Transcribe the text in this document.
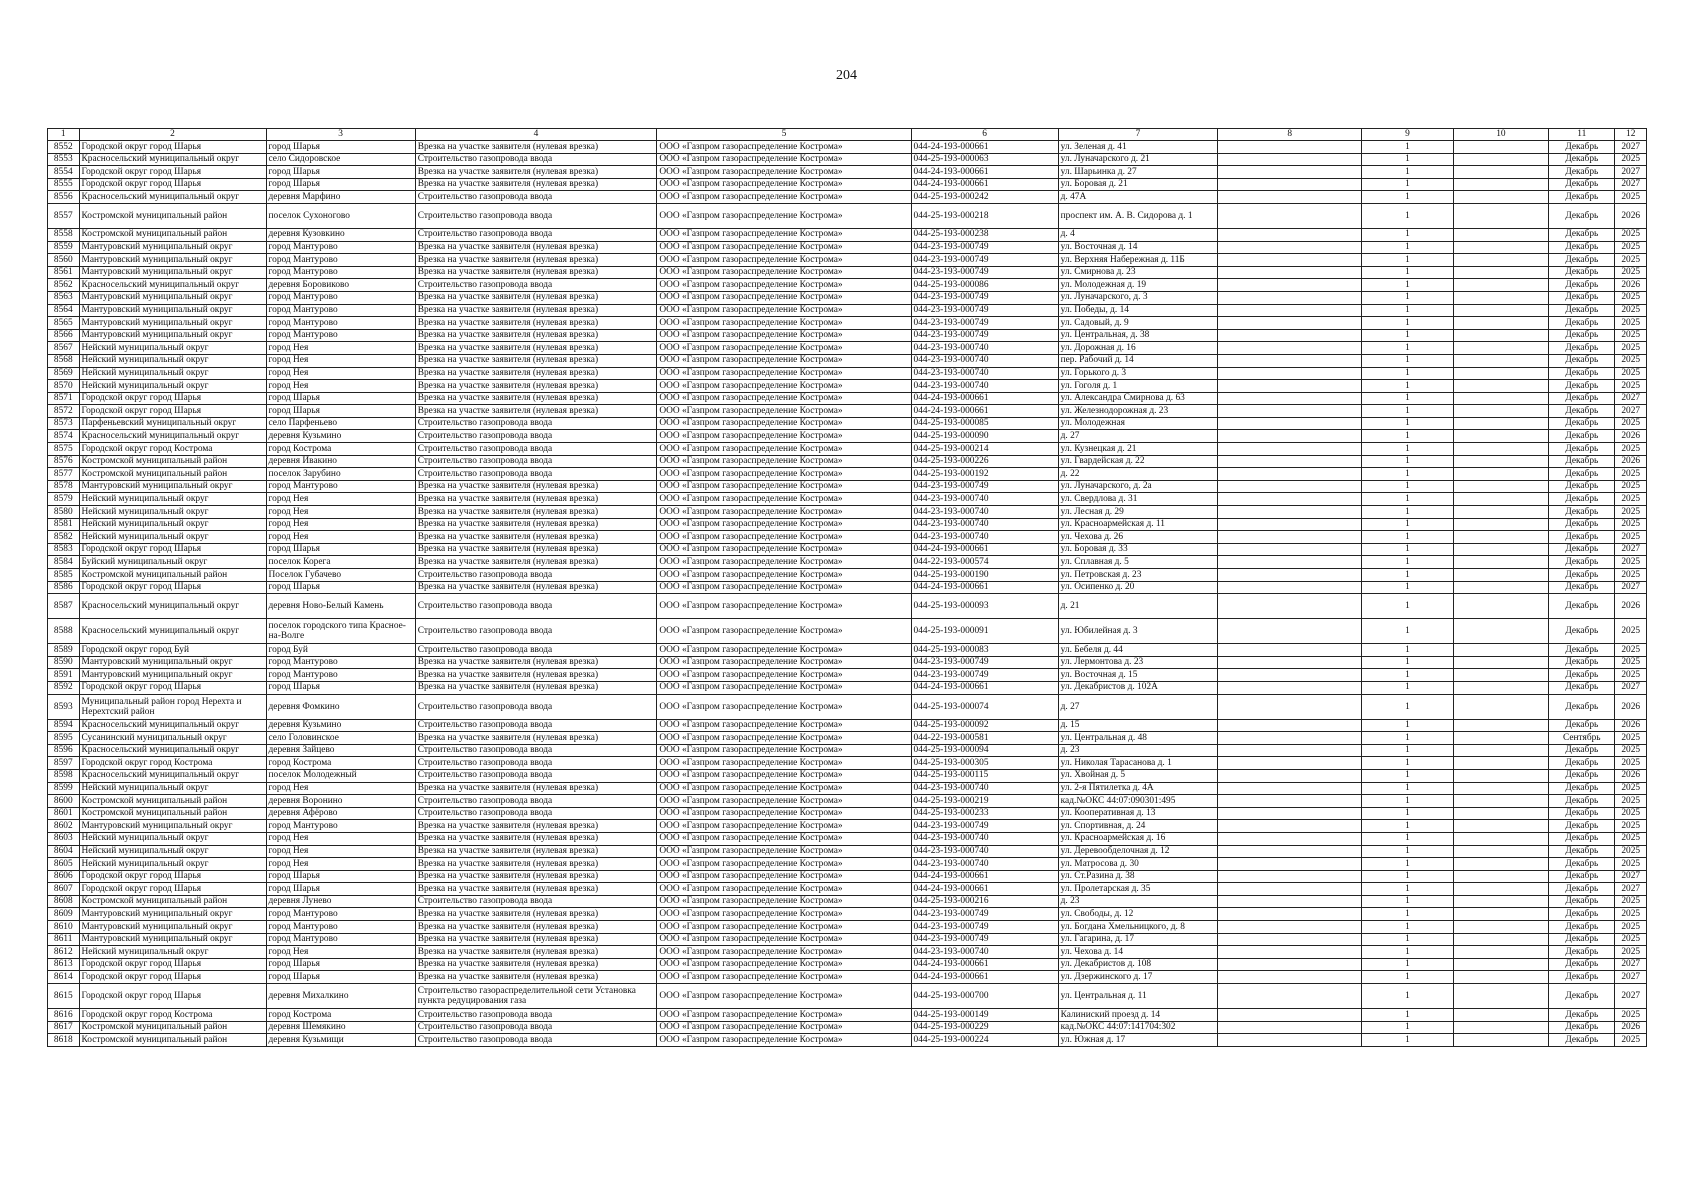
204
1	2	3	4	5	6	7	8	9	10	11	12
8552	Городской округ город Шарья	город Шарья	Врезка на участке заявителя (нулевая врезка)	ООО «Газпром газораспределение Кострома»	044-24-193-000661	ул. Зеленая д. 41		1		Декабрь	2027
8553	Красносельский муниципальный округ	село Сидоровское	Строительство газопровода ввода	ООО «Газпром газораспределение Кострома»	044-25-193-000063	ул. Луначарского д. 21		1		Декабрь	2025
8554	Городской округ город Шарья	город Шарья	Врезка на участке заявителя (нулевая врезка)	ООО «Газпром газораспределение Кострома»	044-24-193-000661	ул. Шарьинка д. 27		1		Декабрь	2027
8555	Городской округ город Шарья	город Шарья	Врезка на участке заявителя (нулевая врезка)	ООО «Газпром газораспределение Кострома»	044-24-193-000661	ул. Боровая д. 21		1		Декабрь	2027
8556	Красносельский муниципальный округ	деревня Марфино	Строительство газопровода ввода	ООО «Газпром газораспределение Кострома»	044-25-193-000242	д. 47А		1		Декабрь	2025
8557	Костромской муниципальный район	поселок Сухоногово	Строительство газопровода ввода	ООО «Газпром газораспределение Кострома»	044-25-193-000218	проспект им. А. В. Сидорова д. 1		1		Декабрь	2026
8558	Костромской муниципальный район	деревня Кузовкино	Строительство газопровода ввода	ООО «Газпром газораспределение Кострома»	044-25-193-000238	д. 4		1		Декабрь	2025
8559	Мантуровский муниципальный округ	город Мантурово	Врезка на участке заявителя (нулевая врезка)	ООО «Газпром газораспределение Кострома»	044-23-193-000749	ул. Восточная д. 14		1		Декабрь	2025
8560	Мантуровский муниципальный округ	город Мантурово	Врезка на участке заявителя (нулевая врезка)	ООО «Газпром газораспределение Кострома»	044-23-193-000749	ул. Верхняя Набережная д. 11Б		1		Декабрь	2025
8561	Мантуровский муниципальный округ	город Мантурово	Врезка на участке заявителя (нулевая врезка)	ООО «Газпром газораспределение Кострома»	044-23-193-000749	ул. Смирнова д. 23		1		Декабрь	2025
8562	Красносельский муниципальный округ	деревня Боровиково	Строительство газопровода ввода	ООО «Газпром газораспределение Кострома»	044-25-193-000086	ул. Молодежная д. 19		1		Декабрь	2026
8563	Мантуровский муниципальный округ	город Мантурово	Врезка на участке заявителя (нулевая врезка)	ООО «Газпром газораспределение Кострома»	044-23-193-000749	ул. Луначарского, д. 3		1		Декабрь	2025
8564	Мантуровский муниципальный округ	город Мантурово	Врезка на участке заявителя (нулевая врезка)	ООО «Газпром газораспределение Кострома»	044-23-193-000749	ул. Победы, д. 14		1		Декабрь	2025
8565	Мантуровский муниципальный округ	город Мантурово	Врезка на участке заявителя (нулевая врезка)	ООО «Газпром газораспределение Кострома»	044-23-193-000749	ул. Садовый, д. 9		1		Декабрь	2025
8566	Мантуровский муниципальный округ	город Мантурово	Врезка на участке заявителя (нулевая врезка)	ООО «Газпром газораспределение Кострома»	044-23-193-000749	ул. Центральная, д. 38		1		Декабрь	2025
8567	Нейский муниципальный округ	город Нея	Врезка на участке заявителя (нулевая врезка)	ООО «Газпром газораспределение Кострома»	044-23-193-000740	ул. Дорожная д. 16		1		Декабрь	2025
8568	Нейский муниципальный округ	город Нея	Врезка на участке заявителя (нулевая врезка)	ООО «Газпром газораспределение Кострома»	044-23-193-000740	пер. Рабочий д. 14		1		Декабрь	2025
8569	Нейский муниципальный округ	город Нея	Врезка на участке заявителя (нулевая врезка)	ООО «Газпром газораспределение Кострома»	044-23-193-000740	ул. Горького д. 3		1		Декабрь	2025
8570	Нейский муниципальный округ	город Нея	Врезка на участке заявителя (нулевая врезка)	ООО «Газпром газораспределение Кострома»	044-23-193-000740	ул. Гоголя д. 1		1		Декабрь	2025
8571	Городской округ город Шарья	город Шарья	Врезка на участке заявителя (нулевая врезка)	ООО «Газпром газораспределение Кострома»	044-24-193-000661	ул. Александра Смирнова д. 63		1		Декабрь	2027
8572	Городской округ город Шарья	город Шарья	Врезка на участке заявителя (нулевая врезка)	ООО «Газпром газораспределение Кострома»	044-24-193-000661	ул. Железнодорожная д. 23		1		Декабрь	2027
8573	Парфеньевский муниципальный округ	село Парфеньево	Строительство газопровода ввода	ООО «Газпром газораспределение Кострома»	044-25-193-000085	ул. Молодежная		1		Декабрь	2025
8574	Красносельский муниципальный округ	деревня Кузьмино	Строительство газопровода ввода	ООО «Газпром газораспределение Кострома»	044-25-193-000090	д. 27		1		Декабрь	2026
8575	Городской округ город Кострома	город Кострома	Строительство газопровода ввода	ООО «Газпром газораспределение Кострома»	044-25-193-000214	ул. Кузнецкая д. 21		1		Декабрь	2025
8576	Костромской муниципальный район	деревня Ивакино	Строительство газопровода ввода	ООО «Газпром газораспределение Кострома»	044-25-193-000226	ул. Гвардейская д. 22		1		Декабрь	2026
8577	Костромской муниципальный район	поселок Зарубино	Строительство газопровода ввода	ООО «Газпром газораспределение Кострома»	044-25-193-000192	д. 22		1		Декабрь	2025
8578	Мантуровский муниципальный округ	город Мантурово	Врезка на участке заявителя (нулевая врезка)	ООО «Газпром газораспределение Кострома»	044-23-193-000749	ул. Луначарского, д. 2а		1		Декабрь	2025
8579	Нейский муниципальный округ	город Нея	Врезка на участке заявителя (нулевая врезка)	ООО «Газпром газораспределение Кострома»	044-23-193-000740	ул. Свердлова д. 31		1		Декабрь	2025
8580	Нейский муниципальный округ	город Нея	Врезка на участке заявителя (нулевая врезка)	ООО «Газпром газораспределение Кострома»	044-23-193-000740	ул. Лесная д. 29		1		Декабрь	2025
8581	Нейский муниципальный округ	город Нея	Врезка на участке заявителя (нулевая врезка)	ООО «Газпром газораспределение Кострома»	044-23-193-000740	ул. Красноармейская д. 11		1		Декабрь	2025
8582	Нейский муниципальный округ	город Нея	Врезка на участке заявителя (нулевая врезка)	ООО «Газпром газораспределение Кострома»	044-23-193-000740	ул. Чехова д. 26		1		Декабрь	2025
8583	Городской округ город Шарья	город Шарья	Врезка на участке заявителя (нулевая врезка)	ООО «Газпром газораспределение Кострома»	044-24-193-000661	ул. Боровая д. 33		1		Декабрь	2027
8584	Буйский муниципальный округ	поселок Корега	Врезка на участке заявителя (нулевая врезка)	ООО «Газпром газораспределение Кострома»	044-22-193-000574	ул. Сплавная д. 5		1		Декабрь	2025
8585	Костромской муниципальный район	Поселок Губачево	Строительство газопровода ввода	ООО «Газпром газораспределение Кострома»	044-25-193-000190	ул. Петровская д. 23		1		Декабрь	2025
8586	Городской округ город Шарья	город Шарья	Врезка на участке заявителя (нулевая врезка)	ООО «Газпром газораспределение Кострома»	044-24-193-000661	ул. Осипенко д. 20		1		Декабрь	2027
8587	Красносельский муниципальный округ	деревня Ново-Белый Камень	Строительство газопровода ввода	ООО «Газпром газораспределение Кострома»	044-25-193-000093	д. 21		1		Декабрь	2026
8588	Красносельский муниципальный округ	поселок городского типа Красное-на-Волге	Строительство газопровода ввода	ООО «Газпром газораспределение Кострома»	044-25-193-000091	ул. Юбилейная д. 3		1		Декабрь	2025
8589	Городской округ город Буй	город Буй	Строительство газопровода ввода	ООО «Газпром газораспределение Кострома»	044-25-193-000083	ул. Бебеля д. 44		1		Декабрь	2025
8590	Мантуровский муниципальный округ	город Мантурово	Врезка на участке заявителя (нулевая врезка)	ООО «Газпром газораспределение Кострома»	044-23-193-000749	ул. Лермонтова д. 23		1		Декабрь	2025
8591	Мантуровский муниципальный округ	город Мантурово	Врезка на участке заявителя (нулевая врезка)	ООО «Газпром газораспределение Кострома»	044-23-193-000749	ул. Восточная д. 15		1		Декабрь	2025
8592	Городской округ город Шарья	город Шарья	Врезка на участке заявителя (нулевая врезка)	ООО «Газпром газораспределение Кострома»	044-24-193-000661	ул. Декабристов д. 102А		1		Декабрь	2027
8593	Муниципальный район город Нерехта и Нерехтский район	деревня Фомкино	Строительство газопровода ввода	ООО «Газпром газораспределение Кострома»	044-25-193-000074	д. 27		1		Декабрь	2026
8594	Красносельский муниципальный округ	деревня Кузьмино	Строительство газопровода ввода	ООО «Газпром газораспределение Кострома»	044-25-193-000092	д. 15		1		Декабрь	2026
8595	Сусанинский муниципальный округ	село Головинское	Врезка на участке заявителя (нулевая врезка)	ООО «Газпром газораспределение Кострома»	044-22-193-000581	ул. Центральная д. 48		1		Сентябрь	2025
8596	Красносельский муниципальный округ	деревня Зайцево	Строительство газопровода ввода	ООО «Газпром газораспределение Кострома»	044-25-193-000094	д. 23		1		Декабрь	2025
8597	Городской округ город Кострома	город Кострома	Строительство газопровода ввода	ООО «Газпром газораспределение Кострома»	044-25-193-000305	ул. Николая Тарасанова д. 1		1		Декабрь	2025
8598	Красносельский муниципальный округ	поселок Молодежный	Строительство газопровода ввода	ООО «Газпром газораспределение Кострома»	044-25-193-000115	ул. Хвойная д. 5		1		Декабрь	2026
8599	Нейский муниципальный округ	город Нея	Врезка на участке заявителя (нулевая врезка)	ООО «Газпром газораспределение Кострома»	044-23-193-000740	ул. 2-я Пятилетка д. 4А		1		Декабрь	2025
8600	Костромской муниципальный район	деревня Воронино	Строительство газопровода ввода	ООО «Газпром газораспределение Кострома»	044-25-193-000219	кад.№ОКС 44:07:090301:495		1		Декабрь	2025
8601	Костромской муниципальный район	деревня Афёрово	Строительство газопровода ввода	ООО «Газпром газораспределение Кострома»	044-25-193-000233	ул. Кооперативная д. 13		1		Декабрь	2025
8602	Мантуровский муниципальный округ	город Мантурово	Врезка на участке заявителя (нулевая врезка)	ООО «Газпром газораспределение Кострома»	044-23-193-000749	ул. Спортивная, д. 24		1		Декабрь	2025
8603	Нейский муниципальный округ	город Нея	Врезка на участке заявителя (нулевая врезка)	ООО «Газпром газораспределение Кострома»	044-23-193-000740	ул. Красноармейская д. 16		1		Декабрь	2025
8604	Нейский муниципальный округ	город Нея	Врезка на участке заявителя (нулевая врезка)	ООО «Газпром газораспределение Кострома»	044-23-193-000740	ул. Деревообделочная д. 12		1		Декабрь	2025
8605	Нейский муниципальный округ	город Нея	Врезка на участке заявителя (нулевая врезка)	ООО «Газпром газораспределение Кострома»	044-23-193-000740	ул. Матросова д. 30		1		Декабрь	2025
8606	Городской округ город Шарья	город Шарья	Врезка на участке заявителя (нулевая врезка)	ООО «Газпром газораспределение Кострома»	044-24-193-000661	ул. Ст.Разина д. 38		1		Декабрь	2027
8607	Городской округ город Шарья	город Шарья	Врезка на участке заявителя (нулевая врезка)	ООО «Газпром газораспределение Кострома»	044-24-193-000661	ул. Пролетарская д. 35		1		Декабрь	2027
8608	Костромской муниципальный район	деревня Лунево	Строительство газопровода ввода	ООО «Газпром газораспределение Кострома»	044-25-193-000216	д. 23		1		Декабрь	2025
8609	Мантуровский муниципальный округ	город Мантурово	Врезка на участке заявителя (нулевая врезка)	ООО «Газпром газораспределение Кострома»	044-23-193-000749	ул. Свободы, д. 12		1		Декабрь	2025
8610	Мантуровский муниципальный округ	город Мантурово	Врезка на участке заявителя (нулевая врезка)	ООО «Газпром газораспределение Кострома»	044-23-193-000749	ул. Богдана Хмельницкого, д. 8		1		Декабрь	2025
8611	Мантуровский муниципальный округ	город Мантурово	Врезка на участке заявителя (нулевая врезка)	ООО «Газпром газораспределение Кострома»	044-23-193-000749	ул. Гагарина, д. 17		1		Декабрь	2025
8612	Нейский муниципальный округ	город Нея	Врезка на участке заявителя (нулевая врезка)	ООО «Газпром газораспределение Кострома»	044-23-193-000740	ул. Чехова д. 14		1		Декабрь	2025
8613	Городской округ город Шарья	город Шарья	Врезка на участке заявителя (нулевая врезка)	ООО «Газпром газораспределение Кострома»	044-24-193-000661	ул. Декабристов д. 108		1		Декабрь	2027
8614	Городской округ город Шарья	город Шарья	Врезка на участке заявителя (нулевая врезка)	ООО «Газпром газораспределение Кострома»	044-24-193-000661	ул. Дзержинского д. 17		1		Декабрь	2027
8615	Городской округ город Шарья	деревня Михалкино	Строительство газораспределительной сети Установка пункта редуцирования газа	ООО «Газпром газораспределение Кострома»	044-25-193-000700	ул. Центральная д. 11		1		Декабрь	2027
8616	Городской округ город Кострома	город Кострома	Строительство газопровода ввода	ООО «Газпром газораспределение Кострома»	044-25-193-000149	Калиниский проезд д. 14		1		Декабрь	2025
8617	Костромской муниципальный район	деревня Шемякино	Строительство газопровода ввода	ООО «Газпром газораспределение Кострома»	044-25-193-000229	кад.№ОКС 44:07:141704:302		1		Декабрь	2026
8618	Костромской муниципальный район	деревня Кузьмищи	Строительство газопровода ввода	ООО «Газпром газораспределение Кострома»	044-25-193-000224	ул. Южная д. 17		1		Декабрь	2025
